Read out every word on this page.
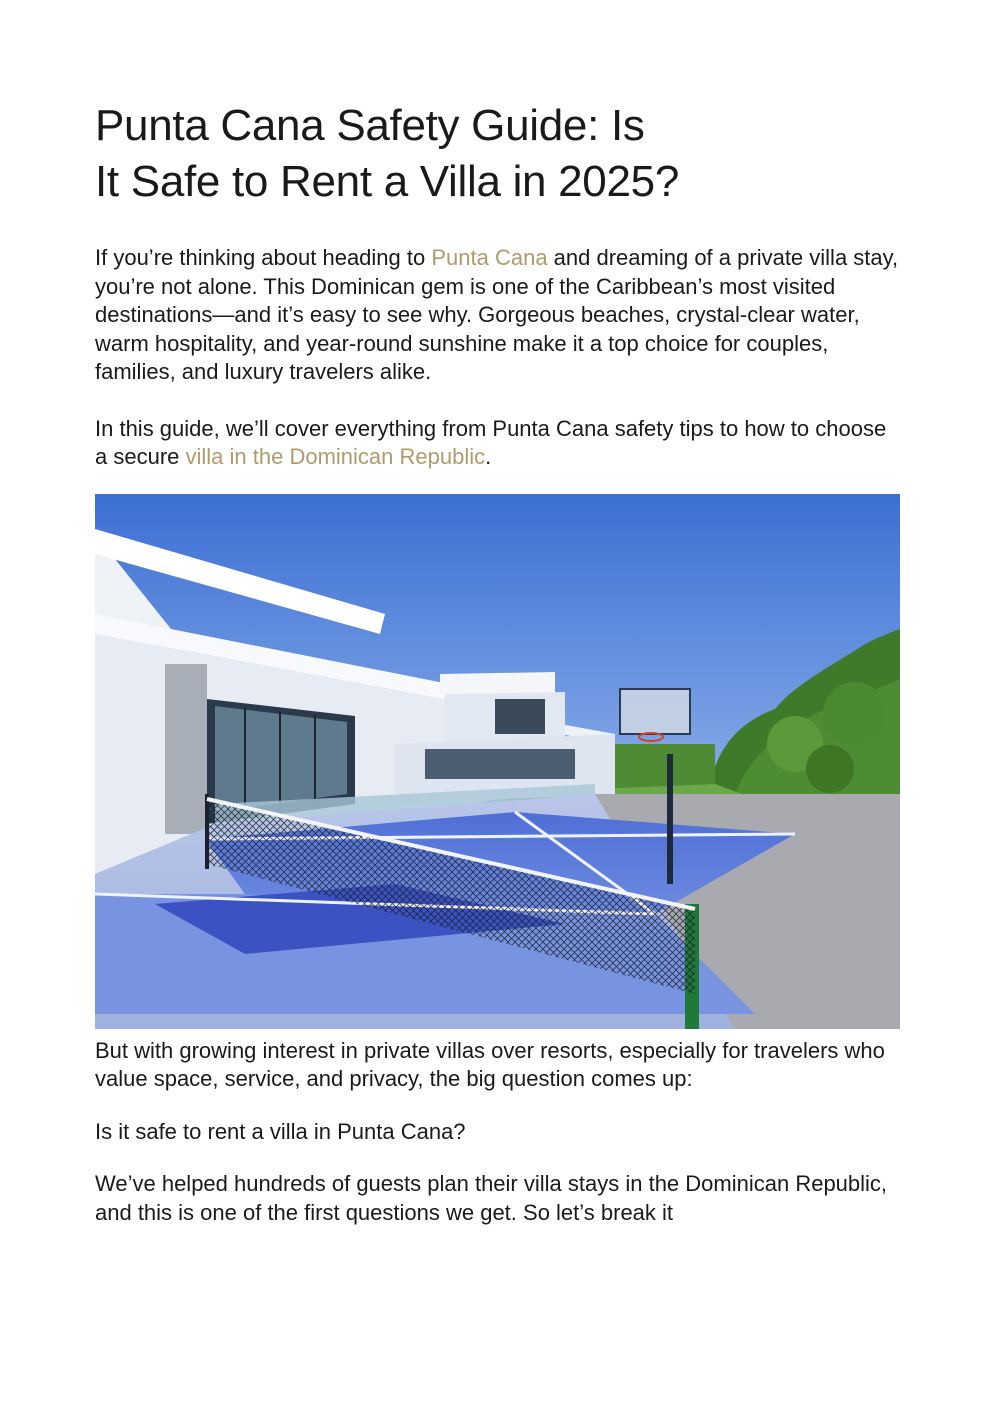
Punta Cana Safety Guide: Is
It Safe to Rent a Villa in 2025?

If you’re thinking about heading to Punta Cana and dreaming of a private villa stay, you’re not alone. This Dominican gem is one of the Caribbean’s most visited destinations—and it’s easy to see why. Gorgeous beaches, crystal-clear water, warm hospitality, and year-round sunshine make it a top choice for couples, families, and luxury travelers alike.

In this guide, we’ll cover everything from Punta Cana safety tips to how to choose a secure villa in the Dominican Republic.

But with growing interest in private villas over resorts, especially for travelers who value space, service, and privacy, the big question comes up:

Is it safe to rent a villa in Punta Cana?

We’ve helped hundreds of guests plan their villa stays in the Dominican Republic, and this is one of the first questions we get. So let’s break it
